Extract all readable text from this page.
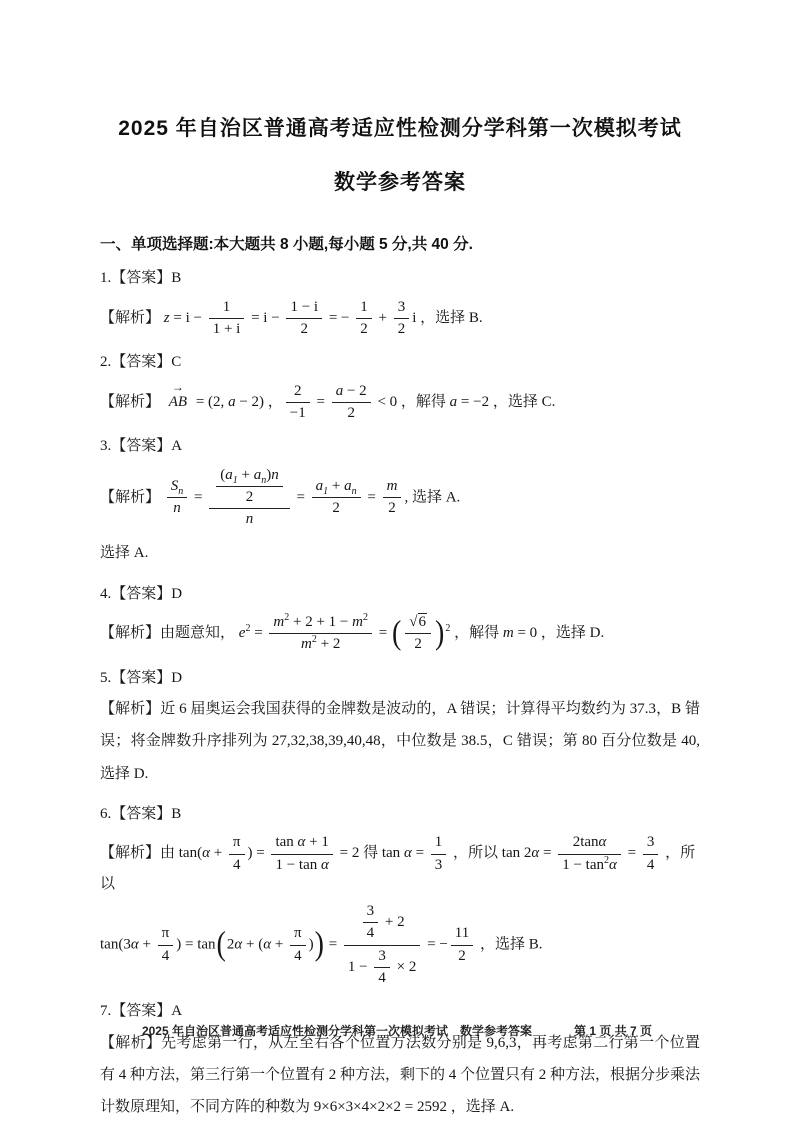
2025 年自治区普通高考适应性检测分学科第一次模拟考试
数学参考答案
一、单项选择题:本大题共 8 小题,每小题 5 分,共 40 分.
1.【答案】B
【解析】 $z = i - \frac{1}{1 + i} = i - \frac{1 - i}{2}$ = − $\frac{1}{2} + \frac{3}{2}$ i ，选择 B.
2.【答案】C
【解析】
→
AB = (2, a − 2) ， $\frac{2}{-1} = \frac{a - 2}{2} < 0$ ，解得 a = −2 ，选择 C.
3.【答案】A
【解析】 $\frac{S_n}{n} = \frac{\frac{(a_1 + a_n)n}{2}}{n} = \frac{a_1 + a_n}{2} = \frac{m}{2}$ , 选择 A.
选择 A.
4.【答案】D
【解析】由题意知， $e^2 = \frac{m^2 + 2 + 1 - m^2}{m^2 + 2}$ = ( $\frac{√6}{2} )^2$ ，解得 m = 0 ，选择 D.
5.【答案】D
【解析】近 6 届奥运会我国获得的金牌数是波动的，A 错误；计算得平均数约为 37.3，B 错误；将金牌数升序排列为 27,32,38,39,40,48，中位数是 38.5，C 错误；第 80 百分位数是 40,选择 D.
6.【答案】B
【解析】由 $\tan(\alpha + \frac{\pi}{4}$ ) = $\frac{\text{tan α + 1}}{\text{1 − tan α}} = 2$ 得 $\tan \alpha = \frac{1}{3}$ ，所以 $\tan 2\alpha = \frac{2\tan\alpha}{1 - \tan^2\alpha} = \frac{3}{4}$ ，所以
$\tan(3\alpha + \frac{\pi}{4}$ ) = $\tan(2\alpha + (\alpha + \frac{\pi}{4}$ )) = $\frac{\frac{3}{4} + 2}{1 - \frac{3}{4} \times 2}$ = − $\frac{11}{2}$ ，选择 B.
7.【答案】A
【解析】先考虑第一行，从左至右各个位置方法数分别是 9,6,3，再考虑第二行第一个位置有 4 种方法，第三行第一个位置有 2 种方法，剩下的 4 个位置只有 2 种方法，根据分步乘法计数原理知，不同方阵的种数为 9×6×3×4×2×2 = 2592 ，选择 A.
2025 年自治区普通高考适应性检测分学科第一次模拟考试　数学参考答案	第 1 页 共 7 页
